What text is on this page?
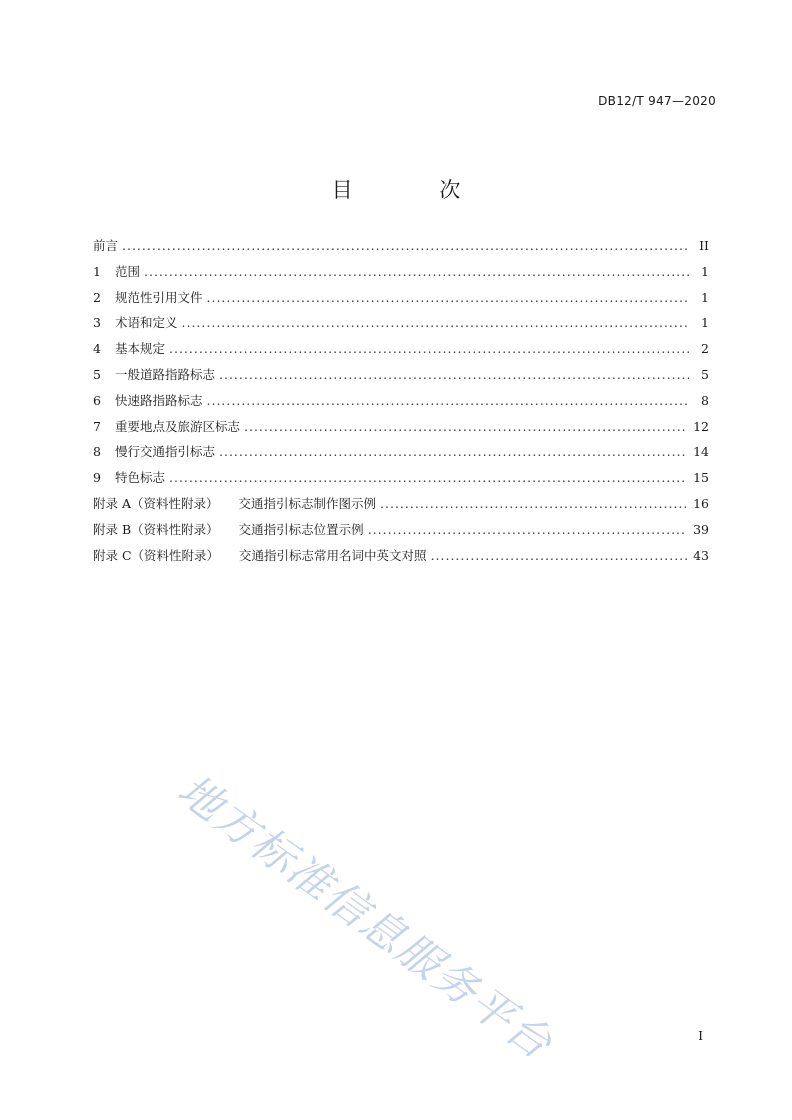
DB12/T 947—2020
目 次
前言 .....	II
1	范围 .....	1
2	规范性引用文件 .....	1
3	术语和定义 .....	1
4	基本规定 .....	2
5	一般道路指路标志 .....	5
6	快速路指路标志 .....	8
7	重要地点及旅游区标志 .....	12
8	慢行交通指引标志 .....	14
9	特色标志 .....	15
附录 A（资料性附录） 交通指引标志制作图示例 .....	16
附录 B（资料性附录） 交通指引标志位置示例 .....	39
附录 C（资料性附录） 交通指引标志常用名词中英文对照 .....	43
地方标准信息服务平台	I
